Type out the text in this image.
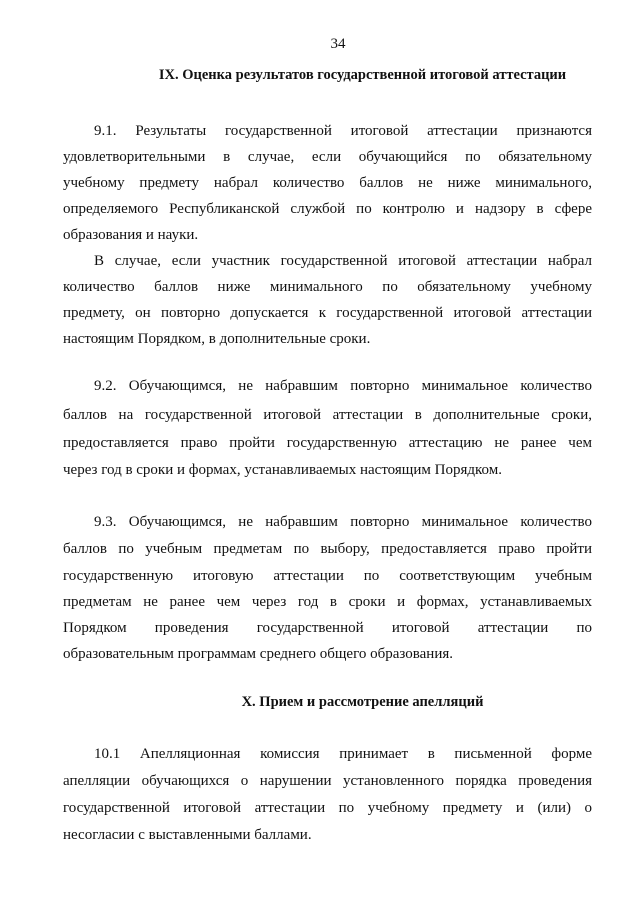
34
IX. Оценка результатов государственной итоговой аттестации
9.1. Результаты государственной итоговой аттестации признаются
удовлетворительными в случае, если обучающийся по обязательному
учебному предмету набрал количество баллов не ниже минимального,
определяемого Республиканской службой по контролю и надзору в сфере
образования и науки.
В случае, если участник государственной итоговой аттестации набрал
количество баллов ниже минимального по обязательному учебному
предмету, он повторно допускается к государственной итоговой аттестации
настоящим Порядком, в дополнительные сроки.
9.2. Обучающимся, не набравшим повторно минимальное количество
баллов на государственной итоговой аттестации в дополнительные сроки,
предоставляется право пройти государственную аттестацию не ранее чем
через год в сроки и формах, устанавливаемых настоящим Порядком.
9.3. Обучающимся, не набравшим повторно минимальное количество
баллов по учебным предметам по выбору, предоставляется право пройти
государственную итоговую аттестации по соответствующим учебным
предметам не ранее чем через год в сроки и формах, устанавливаемых
Порядком проведения государственной итоговой аттестации по
образовательным программам среднего общего образования.
X. Прием и рассмотрение апелляций
10.1 Апелляционная комиссия принимает в письменной форме
апелляции обучающихся о нарушении установленного порядка проведения
государственной итоговой аттестации по учебному предмету и (или) о
несогласии с выставленными баллами.
